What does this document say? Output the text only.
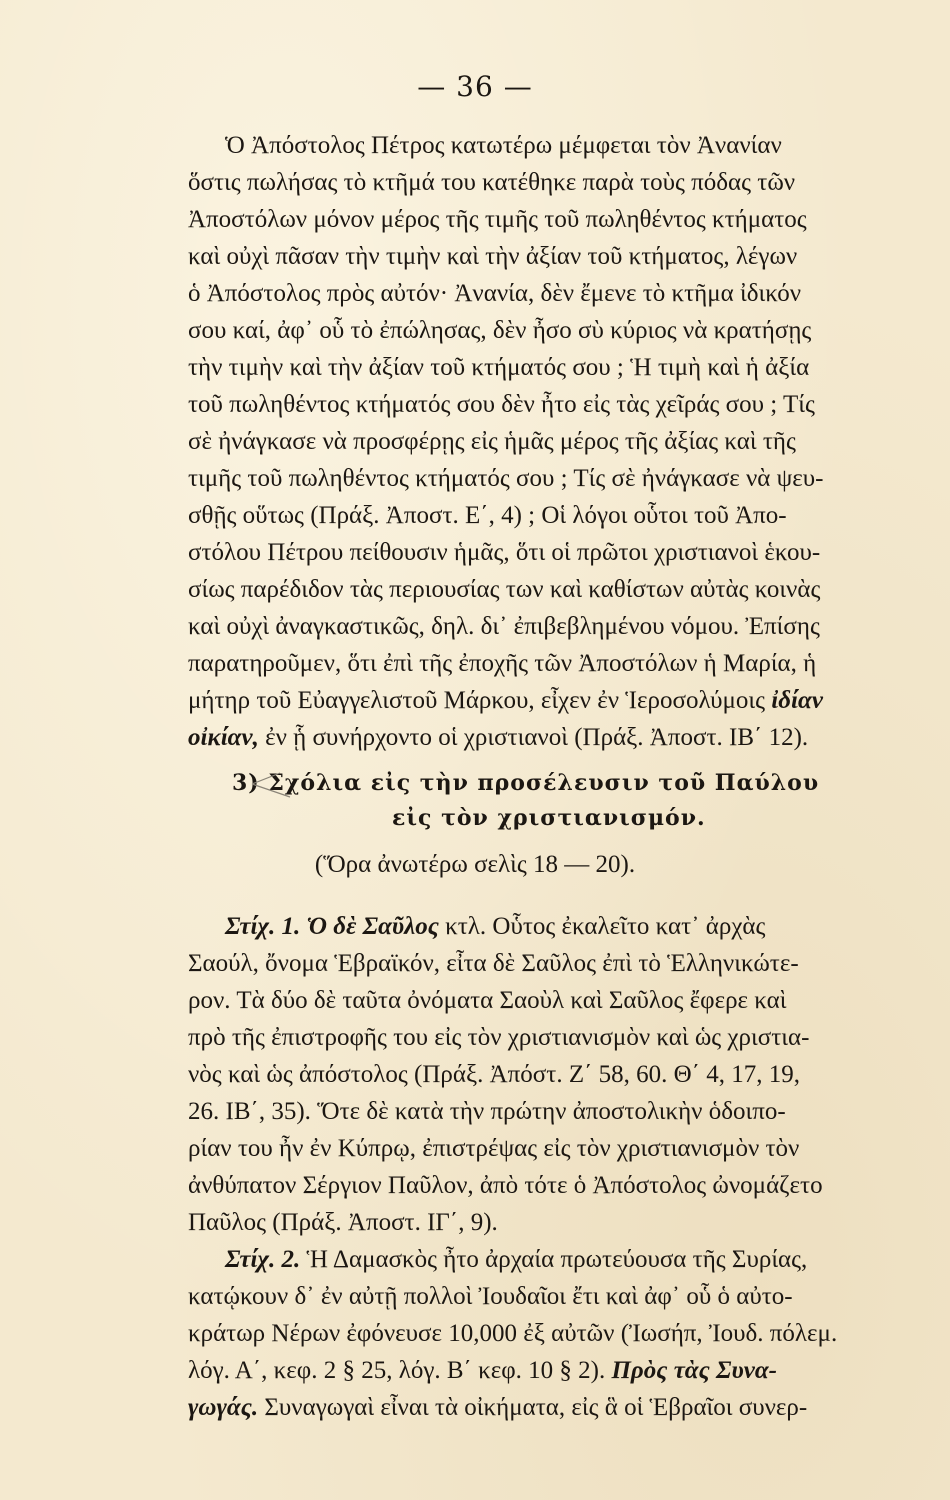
— 36 —
Ὁ Ἀπόστολος Πέτρος κατωτέρω μέμφεται τὸν Ἀνανίαν
ὅστις πωλήσας τὸ κτῆμά του κατέθηκε παρὰ τοὺς πόδας τῶν
Ἀποστόλων μόνον μέρος τῆς τιμῆς τοῦ πωληθέντος κτήματος
καὶ οὐχὶ πᾶσαν τὴν τιμὴν καὶ τὴν ἀξίαν τοῦ κτήματος, λέγων
ὁ Ἀπόστολος πρὸς αὐτόν· Ἀνανία, δὲν ἔμενε τὸ κτῆμα ἰδικόν
σου καί, ἀφ᾽ οὗ τὸ ἐπώλησας, δὲν ἦσο σὺ κύριος νὰ κρατήσῃς
τὴν τιμὴν καὶ τὴν ἀξίαν τοῦ κτήματός σου ; Ἡ τιμὴ καὶ ἡ ἀξία
τοῦ πωληθέντος κτήματός σου δὲν ἦτο εἰς τὰς χεῖράς σου ; Τίς
σὲ ἠνάγκασε νὰ προσφέρῃς εἰς ἡμᾶς μέρος τῆς ἀξίας καὶ τῆς
τιμῆς τοῦ πωληθέντος κτήματός σου ; Τίς σὲ ἠνάγκασε νὰ ψευ-
σθῇς οὕτως (Πράξ. Ἀποστ. Ε΄, 4) ; Οἱ λόγοι οὗτοι τοῦ Ἀπο-
στόλου Πέτρου πείθουσιν ἡμᾶς, ὅτι οἱ πρῶτοι χριστιανοὶ ἑκου-
σίως παρέδιδον τὰς περιουσίας των καὶ καθίστων αὐτὰς κοινὰς
καὶ οὐχὶ ἀναγκαστικῶς, δηλ. δι᾽ ἐπιβεβλημένου νόμου. Ἐπίσης
παρατηροῦμεν, ὅτι ἐπὶ τῆς ἐποχῆς τῶν Ἀποστόλων ἡ Μαρία, ἡ
μήτηρ τοῦ Εὐαγγελιστοῦ Μάρκου, εἶχεν ἐν Ἱεροσολύμοις ἰδίαν
οἰκίαν, ἐν ᾗ συνήρχοντο οἱ χριστιανοὶ (Πράξ. Ἀποστ. ΙΒ΄ 12).
3) Σχόλια εἰς τὴν προσέλευσιν τοῦ Παύλου
εἰς τὸν χριστιανισμόν.
(Ὅρα ἀνωτέρω σελὶς 18 — 20).
Στίχ. 1. Ὁ δὲ Σαῦλος κτλ. Οὗτος ἐκαλεῖτο κατ᾽ ἀρχὰς
Σαούλ, ὄνομα Ἑβραϊκόν, εἶτα δὲ Σαῦλος ἐπὶ τὸ Ἑλληνικώτε-
ρον. Τὰ δύο δὲ ταῦτα ὀνόματα Σαοὺλ καὶ Σαῦλος ἔφερε καὶ
πρὸ τῆς ἐπιστροφῆς του εἰς τὸν χριστιανισμὸν καὶ ὡς χριστια-
νὸς καὶ ὡς ἀπόστολος (Πράξ. Ἀπόστ. Ζ΄ 58, 60. Θ΄ 4, 17, 19,
26. ΙΒ΄, 35). Ὅτε δὲ κατὰ τὴν πρώτην ἀποστολικὴν ὁδοιπο-
ρίαν του ἦν ἐν Κύπρῳ, ἐπιστρέψας εἰς τὸν χριστιανισμὸν τὸν
ἀνθύπατον Σέργιον Παῦλον, ἀπὸ τότε ὁ Ἀπόστολος ὠνομάζετο
Παῦλος (Πράξ. Ἀποστ. ΙΓ΄, 9).
Στίχ. 2. Ἡ Δαμασκὸς ἦτο ἀρχαία πρωτεύουσα τῆς Συρίας,
κατῴκουν δ᾽ ἐν αὐτῇ πολλοὶ Ἰουδαῖοι ἔτι καὶ ἀφ᾽ οὗ ὁ αὐτο-
κράτωρ Νέρων ἐφόνευσε 10,000 ἐξ αὐτῶν (Ἰωσήπ, Ἰουδ. πόλεμ.
λόγ. Α΄, κεφ. 2 § 25, λόγ. Β΄ κεφ. 10 § 2). Πρὸς τὰς Συνα-
γωγάς. Συναγωγαὶ εἶναι τὰ οἰκήματα, εἰς ἃ οἱ Ἑβραῖοι συνερ-
